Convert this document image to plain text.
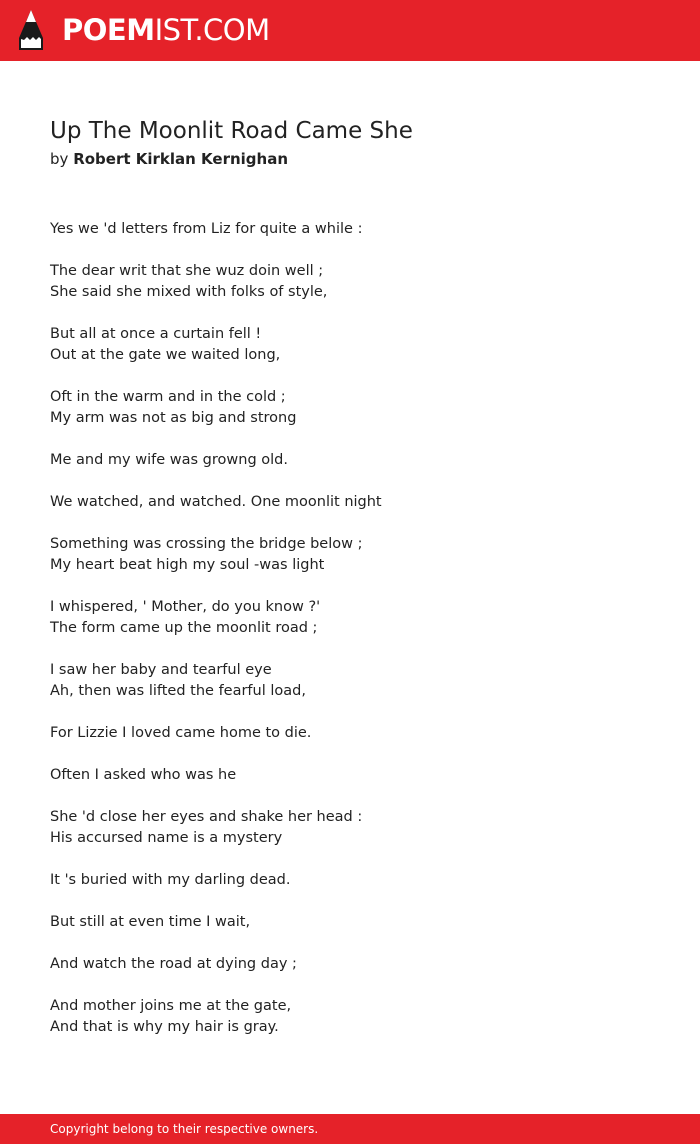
POEMIST.COM
Up The Moonlit Road Came She

by Robert Kirklan Kernighan

Yes we 'd letters from Liz for quite a while :

The dear writ that she wuz doin well ;
She said she mixed with folks of style,

But all at once a curtain fell !
Out at the gate we waited long,

Oft in the warm and in the cold ;
My arm was not as big and strong

Me and my wife was growng old.

We watched, and watched. One moonlit night

Something was crossing the bridge below ;
My heart beat high my soul -was light

I whispered, ' Mother, do you know ?'
The form came up the moonlit road ;

I saw her baby and tearful eye
Ah, then was lifted the fearful load,

For Lizzie I loved came home to die.

Often I asked who was he

She 'd close her eyes and shake her head :
His accursed name is a mystery

It 's buried with my darling dead.

But still at even time I wait,

And watch the road at dying day ;

And mother joins me at the gate,
And that is why my hair is gray.

Copyright belong to their respective owners.
